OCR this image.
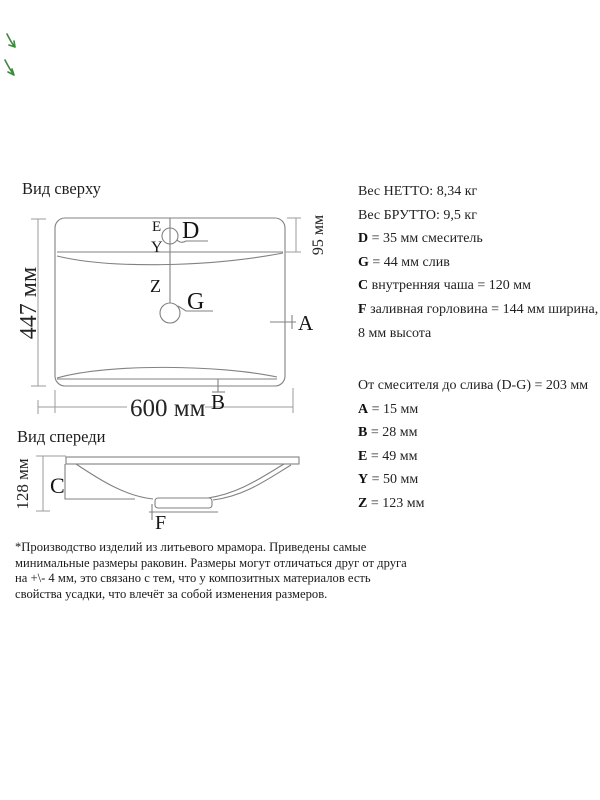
Вид сверху
Вид спереди
447 мм
95 мм
600 мм
E
Y
D
Z
G
A
B
128 мм C
F
Вес НЕТТО: 8,34 кг
Вес БРУТТО: 9,5 кг
D = 35 мм смеситель
G = 44 мм слив
C внутренняя чаша = 120 мм
F заливная горловина = 144 мм ширина,
8 мм высота
От смесителя до слива (D-G) = 203 мм
A = 15 мм
B = 28 мм
E = 49 мм
Y = 50 мм
Z = 123 мм
*Производство изделий из литьевого мрамора. Приведены самые минимальные размеры раковин. Размеры могут отличаться друг от друга на +\- 4 мм, это связано с тем, что у композитных материалов есть свойства усадки, что влечёт за собой изменения размеров.
